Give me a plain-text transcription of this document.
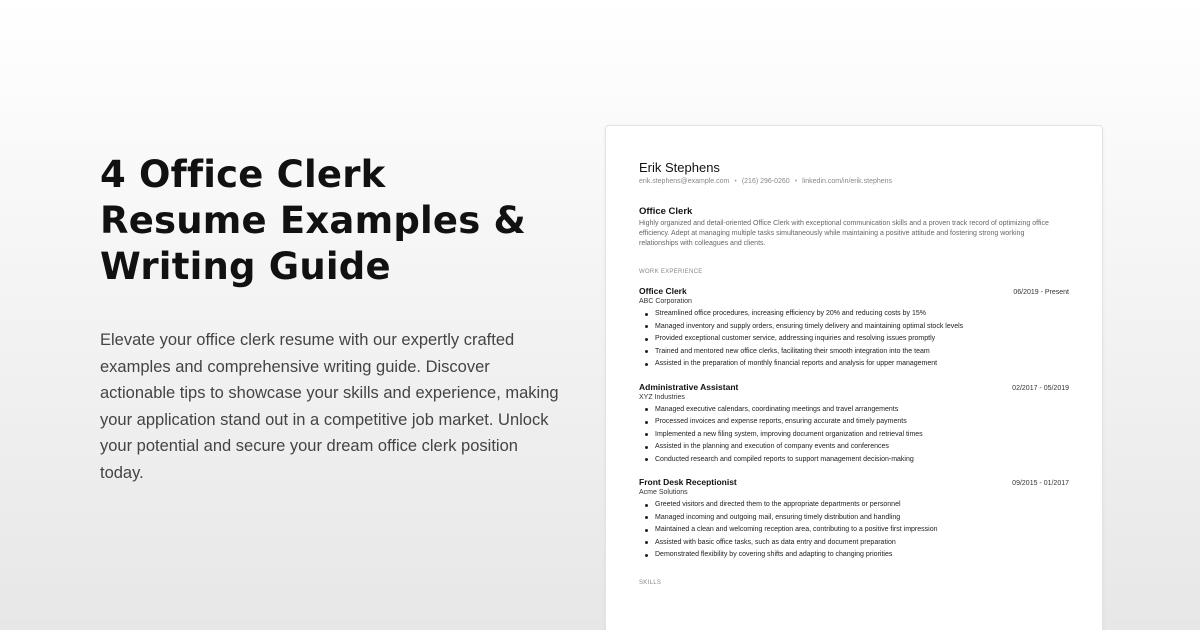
4 Office Clerk
Resume Examples &
Writing Guide

Elevate your office clerk resume with our expertly crafted examples and comprehensive writing guide. Discover actionable tips to showcase your skills and experience, making your application stand out in a competitive job market. Unlock your potential and secure your dream office clerk position today.

Erik Stephens
erik.stephens@example.com • (216) 296-0260 • linkedin.com/in/erik.stephens
Office Clerk
Highly organized and detail-oriented Office Clerk with exceptional communication skills and a proven track record of optimizing office efficiency. Adept at managing multiple tasks simultaneously while maintaining a positive attitude and fostering strong working relationships with colleagues and clients.
WORK EXPERIENCE
Office Clerk	06/2019 - Present
ABC Corporation
Streamlined office procedures, increasing efficiency by 20% and reducing costs by 15%
Managed inventory and supply orders, ensuring timely delivery and maintaining optimal stock levels
Provided exceptional customer service, addressing inquiries and resolving issues promptly
Trained and mentored new office clerks, facilitating their smooth integration into the team
Assisted in the preparation of monthly financial reports and analysis for upper management
Administrative Assistant	02/2017 - 05/2019
XYZ Industries
Managed executive calendars, coordinating meetings and travel arrangements
Processed invoices and expense reports, ensuring accurate and timely payments
Implemented a new filing system, improving document organization and retrieval times
Assisted in the planning and execution of company events and conferences
Conducted research and compiled reports to support management decision-making
Front Desk Receptionist	09/2015 - 01/2017
Acme Solutions
Greeted visitors and directed them to the appropriate departments or personnel
Managed incoming and outgoing mail, ensuring timely distribution and handling
Maintained a clean and welcoming reception area, contributing to a positive first impression
Assisted with basic office tasks, such as data entry and document preparation
Demonstrated flexibility by covering shifts and adapting to changing priorities
SKILLS
